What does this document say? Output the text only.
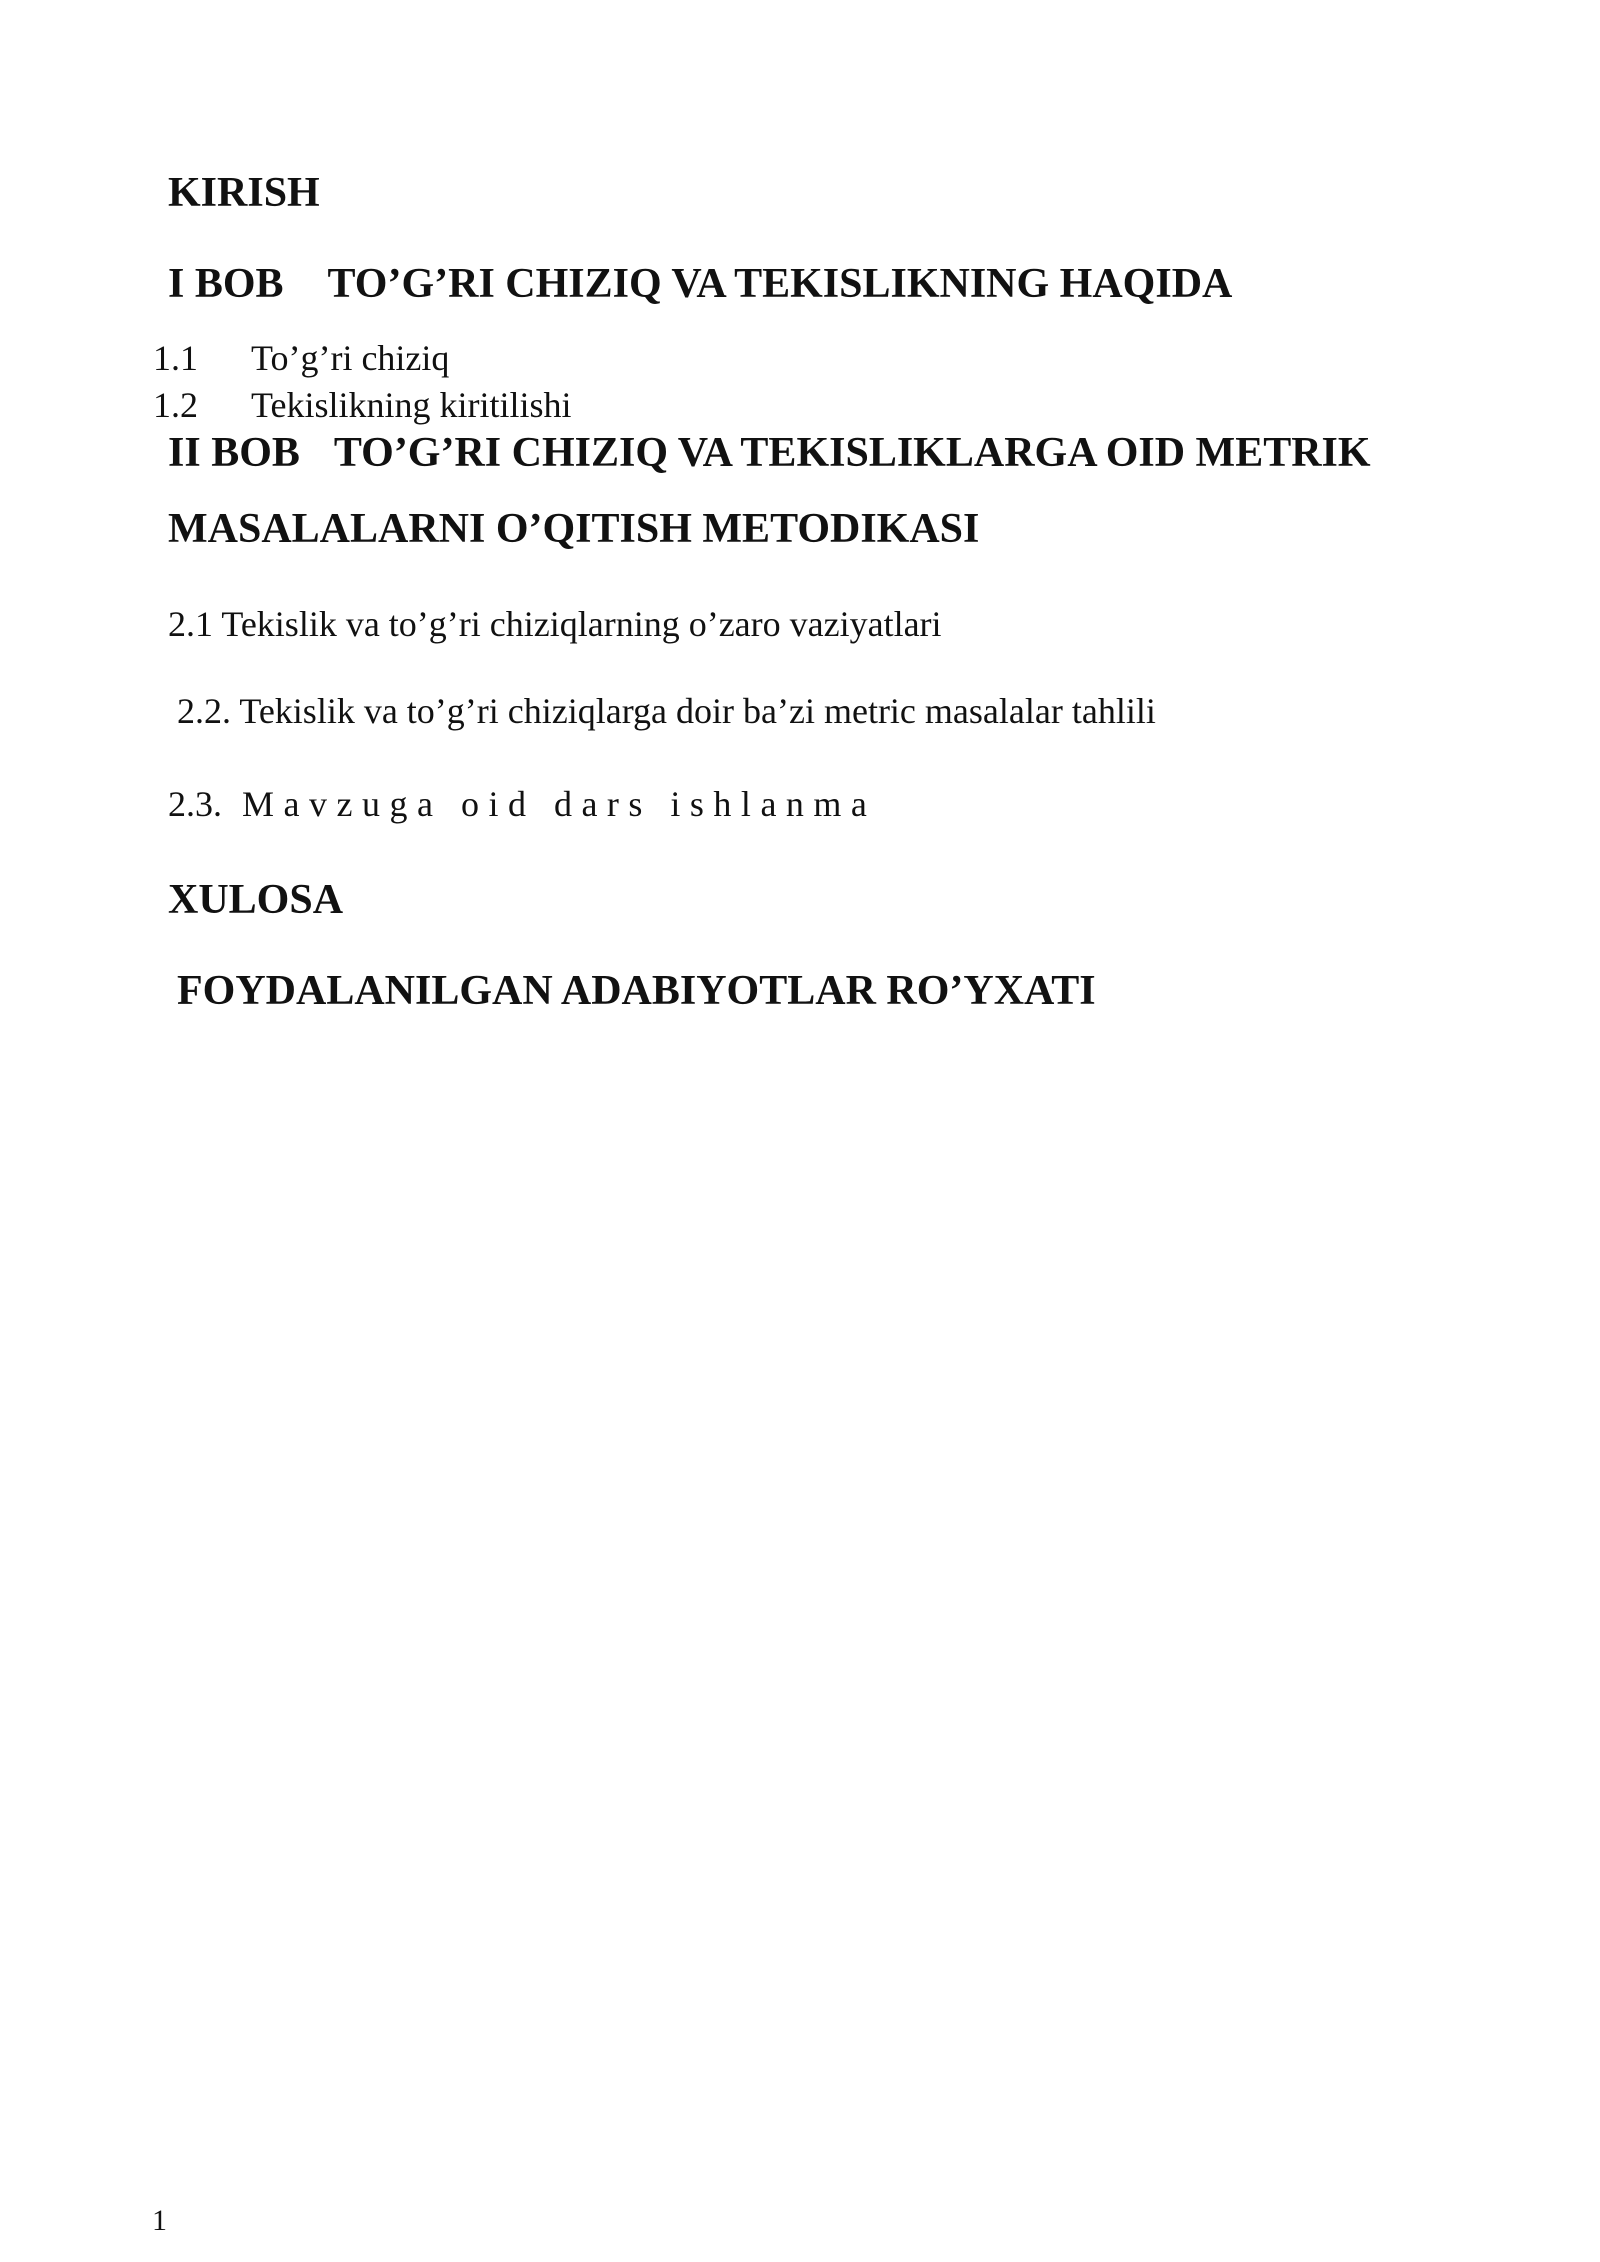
KIRISH
I BOB TO’G’RI CHIZIQ VA TEKISLIKNING HAQIDA
1.1 To’g’ri chiziq
1.2 Tekislikning kiritilishi
II BOB TO’G’RI CHIZIQ VA TEKISLIKLARGA OID METRIK
MASALALARNI O’QITISH METODIKASI
2.1 Tekislik va to’g’ri chiziqlarning o’zaro vaziyatlari
2.2. Tekislik va to’g’ri chiziqlarga doir ba’zi metric masalalar tahlili
2.3. Mavzuga oid dars ishlanma
XULOSA
FOYDALANILGAN ADABIYOTLAR RO’YXATI
1
